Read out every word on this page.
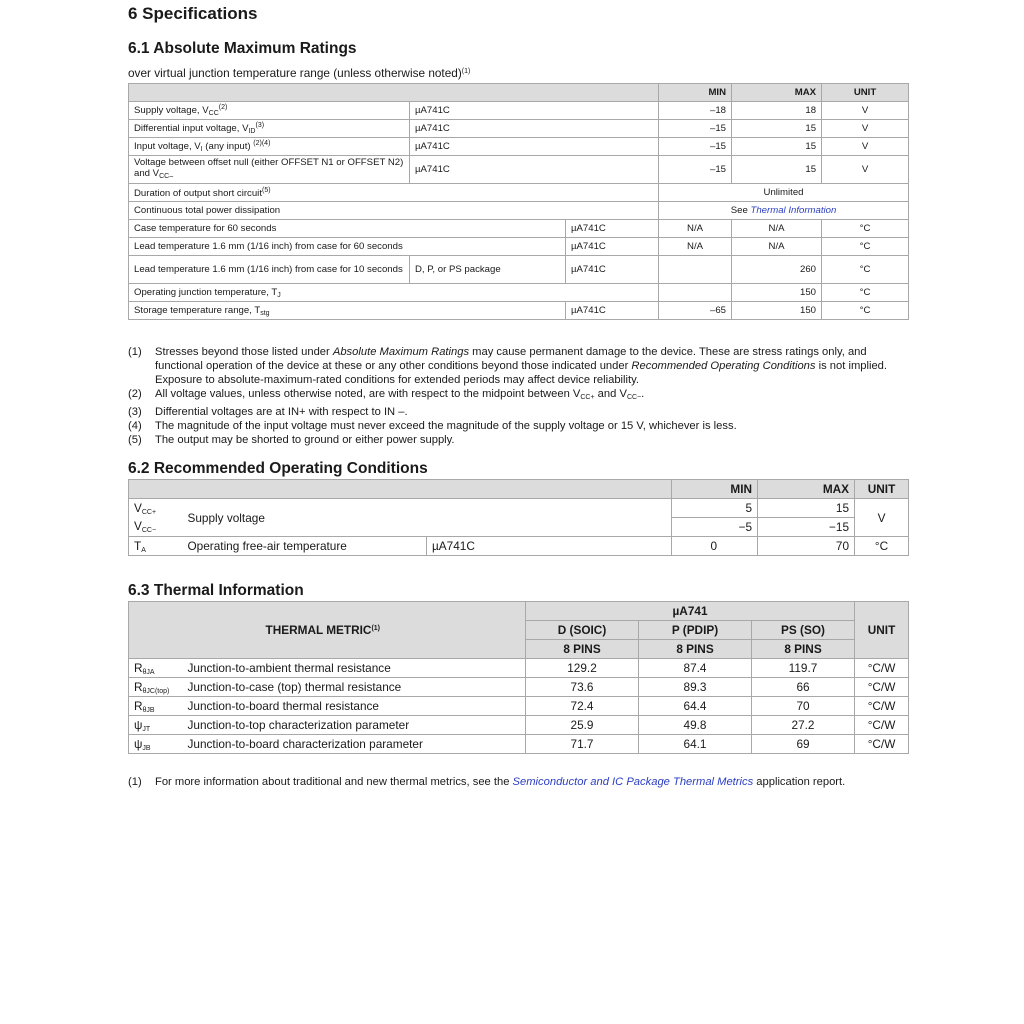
6 Specifications
6.1 Absolute Maximum Ratings
over virtual junction temperature range (unless otherwise noted)$^{(1)}$
			MIN	MAX	UNIT
Supply voltage, $V_{CC}^{(2)}$	µA741C		–18	18	V
Differential input voltage, $V_{ID}^{(3)}$	µA741C		–15	15	V
Input voltage, $V_I$ (any input) $^{(2)(4)}$	µA741C		–15	15	V
Voltage between offset null (either OFFSET N1 or OFFSET N2) and $V_{CC-}$	µA741C		–15	15	V
Duration of output short circuit$^{(5)}$			Unlimited		
Continuous total power dissipation			See Thermal Information		
Case temperature for 60 seconds		µA741C	N/A	N/A	°C
Lead temperature 1.6 mm (1/16 inch) from case for 60 seconds		µA741C	N/A	N/A	°C
Lead temperature 1.6 mm (1/16 inch) from case for 10 seconds	D, P, or PS package	µA741C		260	°C
Operating junction temperature, $T_J$				150	°C
Storage temperature range, $T_{stg}$		µA741C	–65	150	°C
(1)	Stresses beyond those listed under Absolute Maximum Ratings may cause permanent damage to the device. These are stress ratings only, and functional operation of the device at these or any other conditions beyond those indicated under Recommended Operating Conditions is not implied. Exposure to absolute-maximum-rated conditions for extended periods may affect device reliability.
(2)	All voltage values, unless otherwise noted, are with respect to the midpoint between $V_{CC+}$ and $V_{CC-}$.
(3)	Differential voltages are at IN+ with respect to IN –.
(4)	The magnitude of the input voltage must never exceed the magnitude of the supply voltage or 15 V, whichever is less.
(5)	The output may be shorted to ground or either power supply.
6.2 Recommended Operating Conditions
			MIN	MAX	UNIT
$V_{CC+}$	Supply voltage		5	15	V
$V_{CC-}$			−5	−15	
$T_A$	Operating free-air temperature	µA741C	0	70	°C
6.3 Thermal Information
	THERMAL METRIC$^{(1)}$	µA741			UNIT
		D (SOIC)	P (PDIP)	PS (SO)	
		8 PINS	8 PINS	8 PINS	
$R_{\theta JA}$	Junction-to-ambient thermal resistance	129.2	87.4	119.7	°C/W
$R_{\theta JC(top)}$	Junction-to-case (top) thermal resistance	73.6	89.3	66	°C/W
$R_{\theta JB}$	Junction-to-board thermal resistance	72.4	64.4	70	°C/W
$\psi_{JT}$	Junction-to-top characterization parameter	25.9	49.8	27.2	°C/W
$\psi_{JB}$	Junction-to-board characterization parameter	71.7	64.1	69	°C/W
(1)	For more information about traditional and new thermal metrics, see the Semiconductor and IC Package Thermal Metrics application report.
